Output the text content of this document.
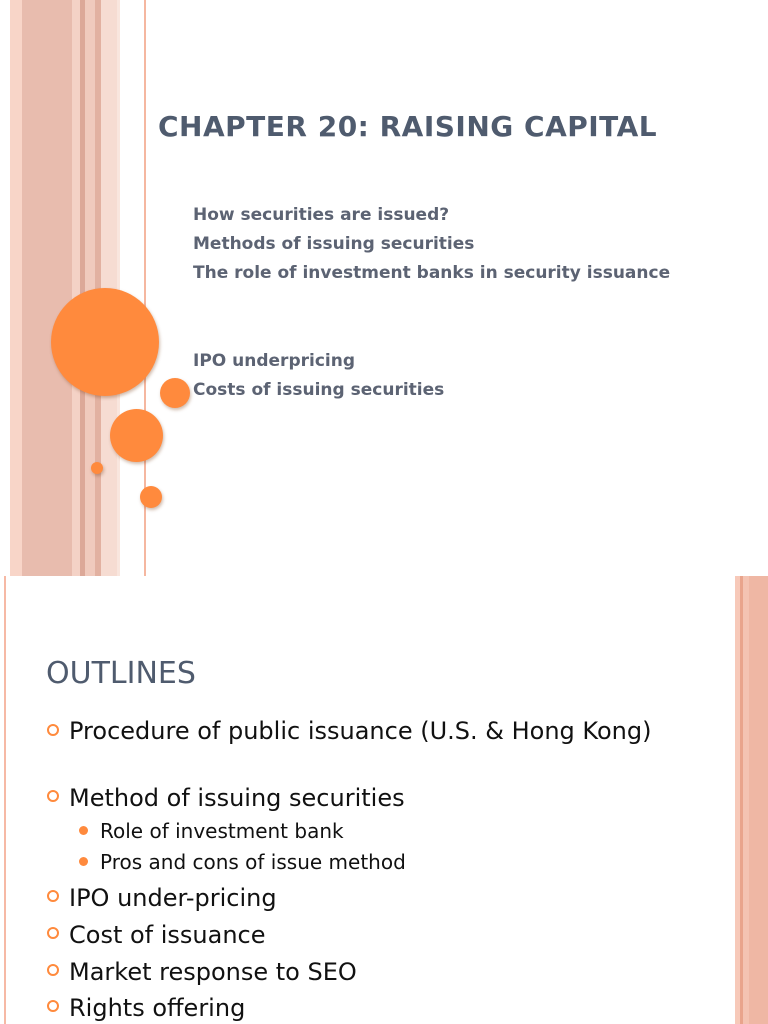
CHAPTER 20: RAISING CAPITAL

How securities are issued?

Methods of issuing securities

The role of investment banks in security issuance

IPO underpricing

Costs of issuing securities

OUTLINES

Procedure of public issuance (U.S. & Hong Kong)

Method of issuing securities

Role of investment bank

Pros and cons of issue method

IPO under-pricing

Cost of issuance

Market response to SEO

Rights offering
